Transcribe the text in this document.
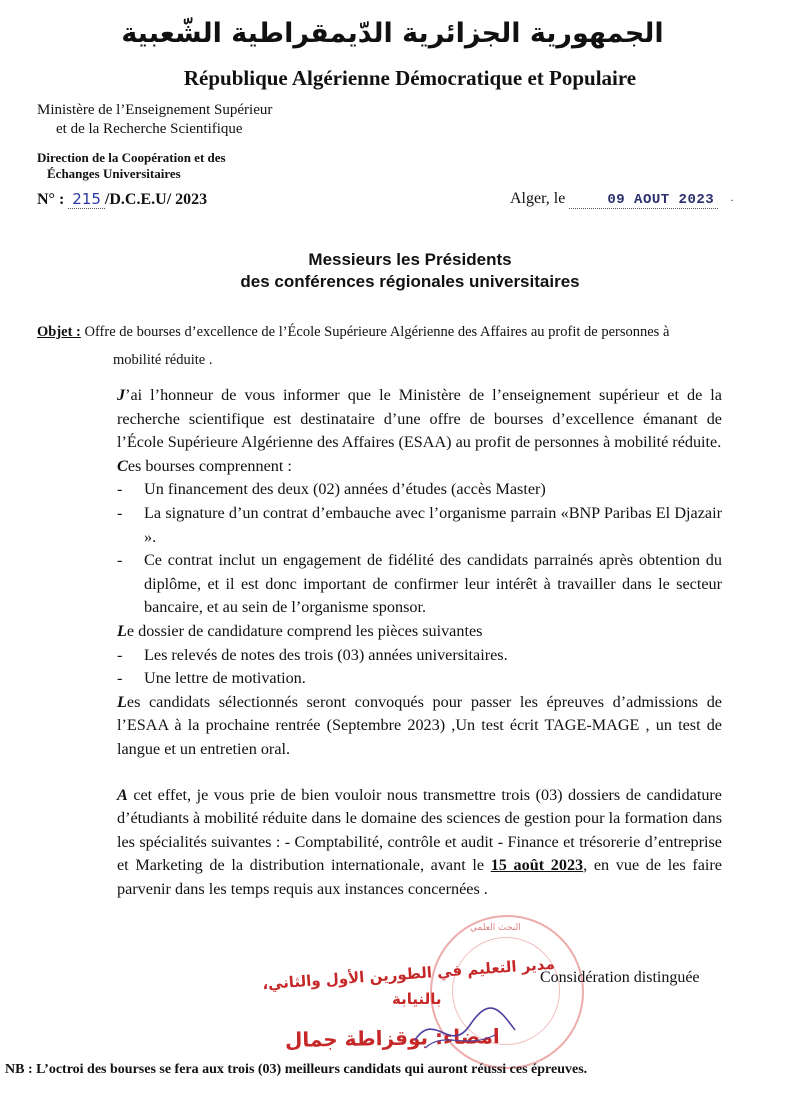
الجمهورية الجزائرية الدّيمقراطية الشّعبية
République Algérienne Démocratique et Populaire
Ministère de l’Enseignement Supérieur
et de la Recherche Scientifique
Direction de la Coopération et des
Échanges Universitaires
N° : 215 /D.C.E.U/ 2023	Alger, le	09 AOUT 2023	·
Messieurs les Présidents
des conférences régionales universitaires
Objet : Offre de bourses d’excellence de l’École Supérieure Algérienne des Affaires au profit de personnes à
mobilité réduite .

J’ai l’honneur de vous informer que le Ministère de l’enseignement supérieur et de la recherche scientifique est destinataire d’une offre de bourses d’excellence émanant de l’École Supérieure Algérienne des Affaires (ESAA) au profit de personnes à mobilité réduite.

Ces bourses comprennent :

- Un financement des deux (02) années d’études (accès Master)
- La signature d’un contrat d’embauche avec l’organisme parrain «BNP Paribas El Djazair ».
- Ce contrat inclut un engagement de fidélité des candidats parrainés après obtention du diplôme, et il est donc important de confirmer leur intérêt à travailler dans le secteur bancaire, et au sein de l’organisme sponsor.

Le dossier de candidature comprend les pièces suivantes

- Les relevés de notes des trois (03) années universitaires.
- Une lettre de motivation.

Les candidats sélectionnés seront convoqués pour passer les épreuves d’admissions de l’ESAA à la prochaine rentrée (Septembre 2023) ,Un test écrit TAGE-MAGE , un test de langue et un entretien oral.

A cet effet, je vous prie de bien vouloir nous transmettre trois (03) dossiers de candidature d’étudiants à mobilité réduite dans le domaine des sciences de gestion pour la formation dans les spécialités suivantes : - Comptabilité, contrôle et audit - Finance et trésorerie d’entreprise et Marketing de la distribution internationale, avant le 15 août 2023, en vue de les faire parvenir dans les temps requis aux instances concernées .

البحث العلمي
Considération distinguée
مدير التعليم في الطورين الأول والثاني،
بالنيابة
امضاء: بوقزاطة جمال
NB : L’octroi des bourses se fera aux trois (03) meilleurs candidats qui auront réussi ces épreuves.
